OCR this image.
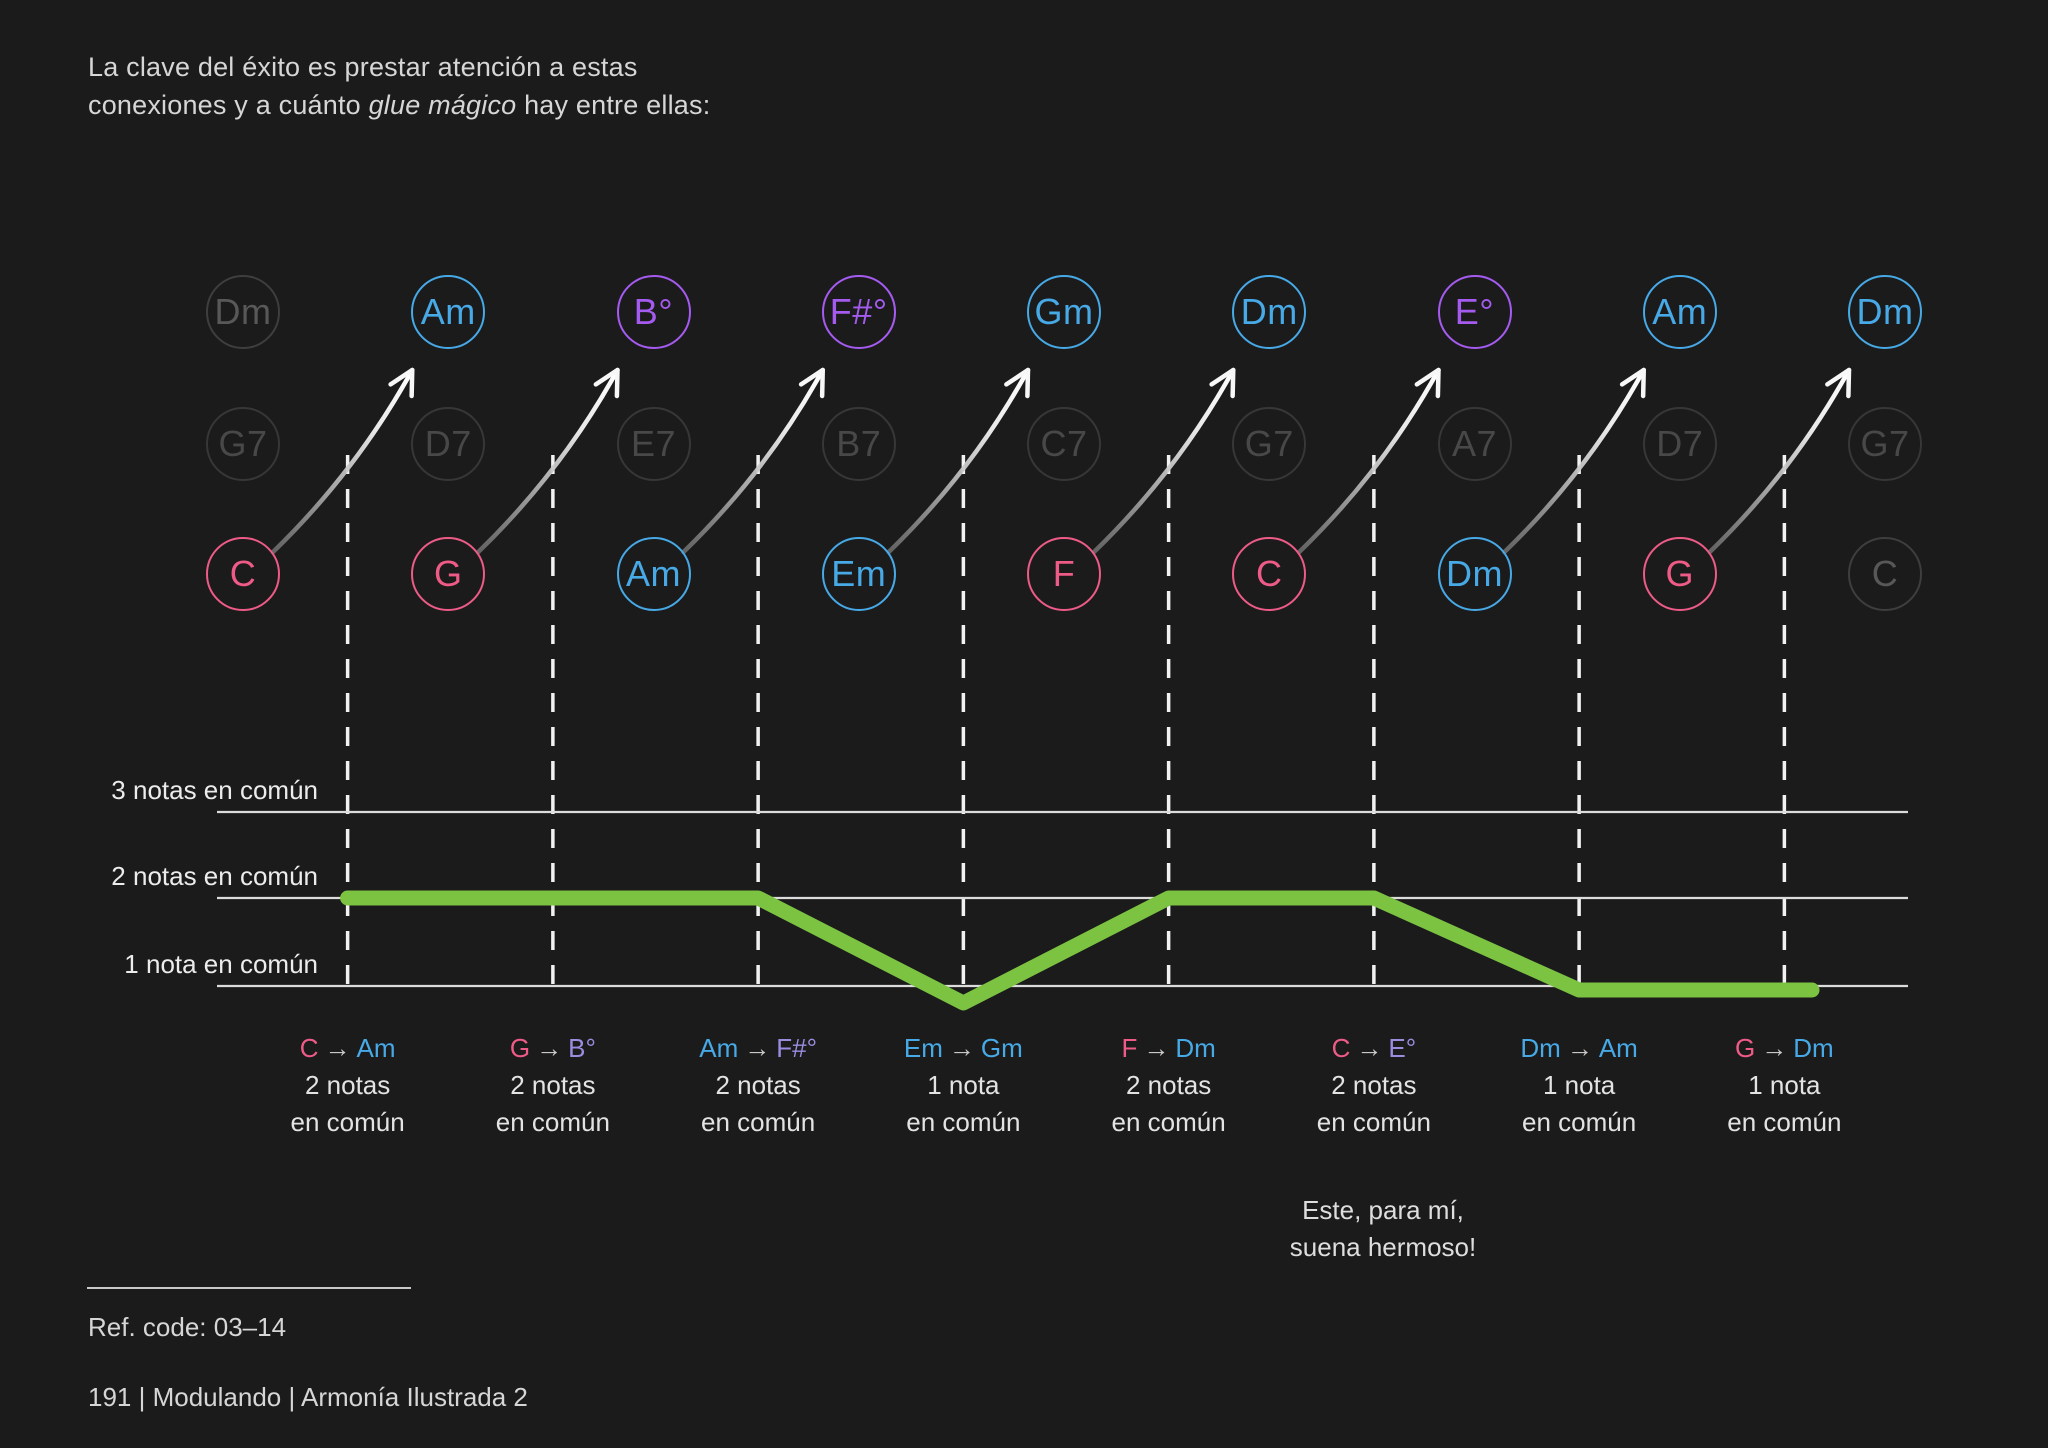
La clave del éxito es prestar atención a estas
conexiones y a cuánto glue mágico hay entre ellas:

Dm
G7
C
Am
D7
G
B°
E7
Am
F#°
B7
Em
Gm
C7
F
Dm
G7
C
E°
A7
Dm
Am
D7
G
Dm
G7
C
3 notas en común
2 notas en común
1 nota en común
C → Am
2 notas
en común
G → B°
2 notas
en común
Am → F#°
2 notas
en común
Em → Gm
1 nota
en común
F → Dm
2 notas
en común
C → E°
2 notas
en común
Dm → Am
1 nota
en común
G → Dm
1 nota
en común
Este, para mí,
suena hermoso!
Ref. code: 03–14
191 | Modulando | Armonía Ilustrada 2
